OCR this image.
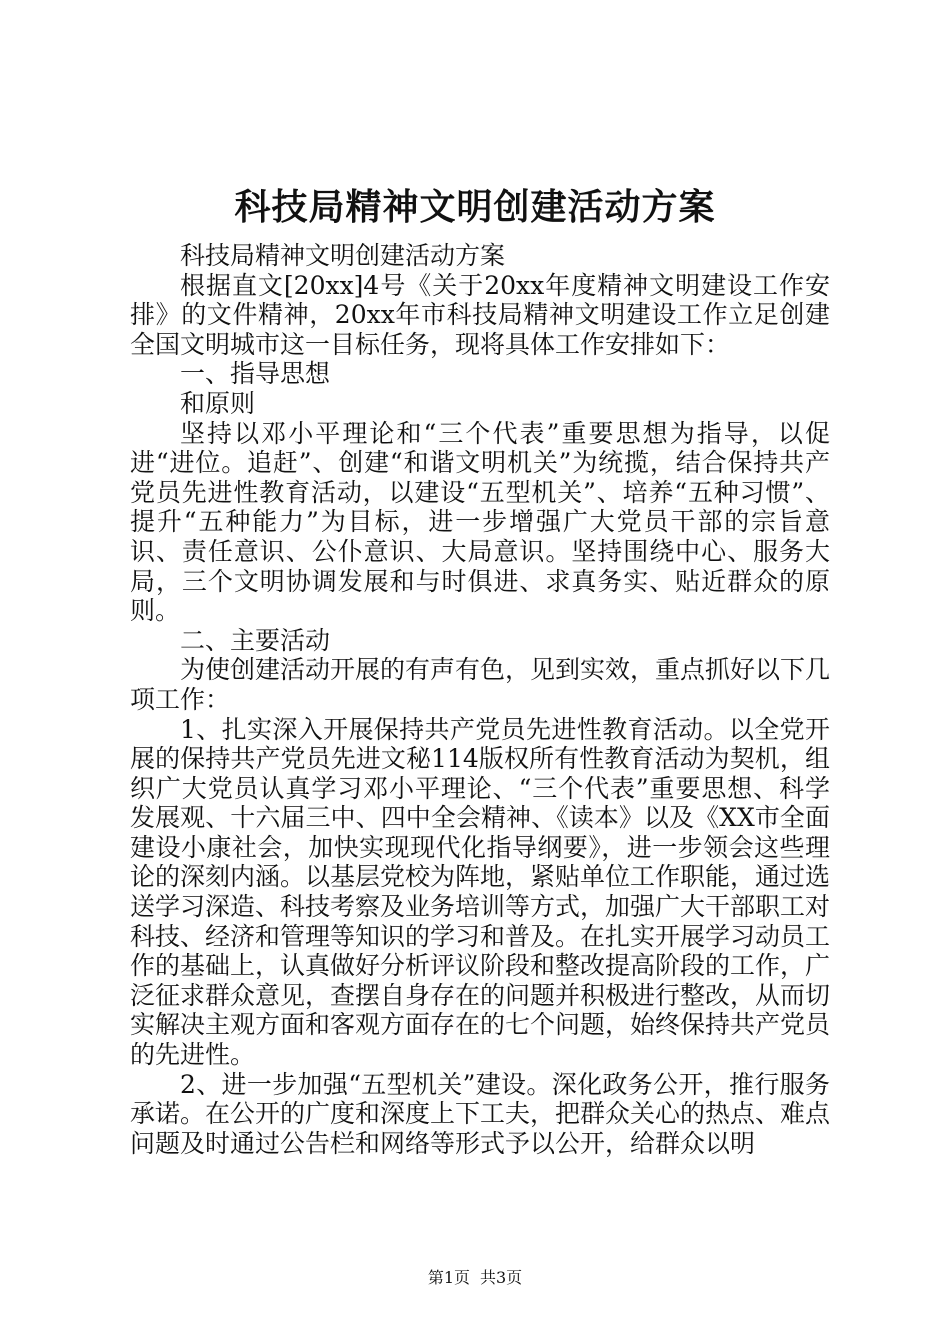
科技局精神文明创建活动方案

科技局精神文明创建活动方案

根据直文[20xx]4号《关于20xx年度精神文明建设工作安排》的文件精神，20xx年市科技局精神文明建设工作立足创建全国文明城市这一目标任务，现将具体工作安排如下：

一、指导思想

和原则

坚持以邓小平理论和“三个代表”重要思想为指导，以促进“进位。追赶”、创建“和谐文明机关”为统揽，结合保持共产党员先进性教育活动，以建设“五型机关”、培养“五种习惯”、提升“五种能力”为目标，进一步增强广大党员干部的宗旨意识、责任意识、公仆意识、大局意识。坚持围绕中心、服务大局，三个文明协调发展和与时俱进、求真务实、贴近群众的原则。

二、主要活动

为使创建活动开展的有声有色，见到实效，重点抓好以下几项工作：

1、扎实深入开展保持共产党员先进性教育活动。以全党开展的保持共产党员先进文秘114版权所有性教育活动为契机，组织广大党员认真学习邓小平理论、“三个代表”重要思想、科学发展观、十六届三中、四中全会精神、《读本》以及《XX市全面建设小康社会，加快实现现代化指导纲要》，进一步领会这些理论的深刻内涵。以基层党校为阵地，紧贴单位工作职能，通过选送学习深造、科技考察及业务培训等方式，加强广大干部职工对科技、经济和管理等知识的学习和普及。在扎实开展学习动员工作的基础上，认真做好分析评议阶段和整改提高阶段的工作，广泛征求群众意见，查摆自身存在的问题并积极进行整改，从而切实解决主观方面和客观方面存在的七个问题，始终保持共产党员的先进性。

2、进一步加强“五型机关”建设。深化政务公开，推行服务承诺。在公开的广度和深度上下工夫，把群众关心的热点、难点问题及时通过公告栏和网络等形式予以公开，给群众以明

第1页 共3页
